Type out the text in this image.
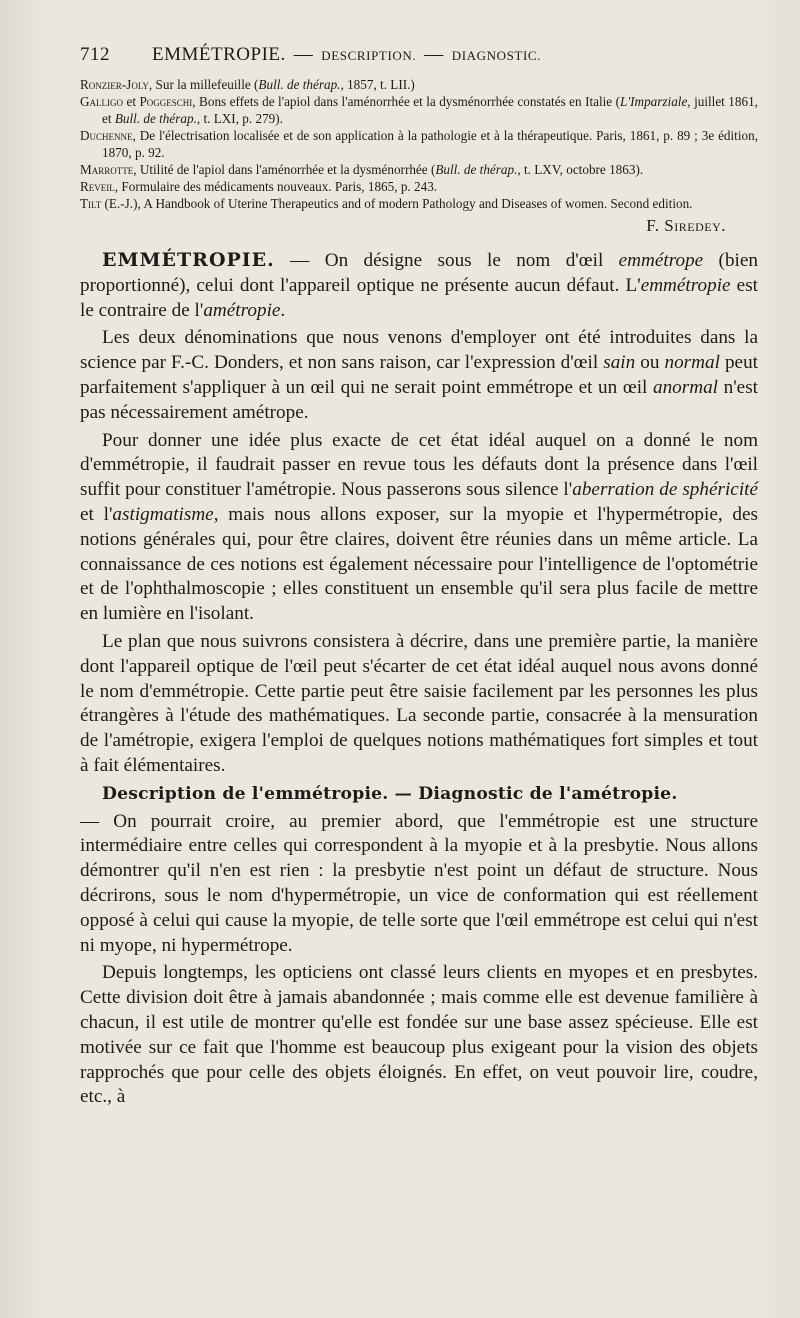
712 EMMÉTROPIE. — DESCRIPTION. — DIAGNOSTIC.

Ronzier-Joly, Sur la millefeuille (Bull. de thérap., 1857, t. LII.)

Galligo et Poggeschi, Bons effets de l'apiol dans l'aménorrhée et la dysménorrhée constatés en Italie (L'Imparziale, juillet 1861, et Bull. de thérap., t. LXI, p. 279).

Duchenne, De l'électrisation localisée et de son application à la pathologie et à la thérapeutique. Paris, 1861, p. 89 ; 3e édition, 1870, p. 92.

Marrotte, Utilité de l'apiol dans l'aménorrhée et la dysménorrhée (Bull. de thérap., t. LXV, octobre 1863).

Reveil, Formulaire des médicaments nouveaux. Paris, 1865, p. 243.

Tilt (E.-J.), A Handbook of Uterine Therapeutics and of modern Pathology and Diseases of women. Second edition.

F. Siredey.

EMMÉTROPIE. — On désigne sous le nom d'œil emmétrope (bien proportionné), celui dont l'appareil optique ne présente aucun défaut. L'emmétropie est le contraire de l'amétropie.

Les deux dénominations que nous venons d'employer ont été introduites dans la science par F.-C. Donders, et non sans raison, car l'expression d'œil sain ou normal peut parfaitement s'appliquer à un œil qui ne serait point emmétrope et un œil anormal n'est pas nécessairement amétrope.

Pour donner une idée plus exacte de cet état idéal auquel on a donné le nom d'emmétropie, il faudrait passer en revue tous les défauts dont la présence dans l'œil suffit pour constituer l'amétropie. Nous passerons sous silence l'aberration de sphéricité et l'astigmatisme, mais nous allons exposer, sur la myopie et l'hypermétropie, des notions générales qui, pour être claires, doivent être réunies dans un même article. La connaissance de ces notions est également nécessaire pour l'intelligence de l'optométrie et de l'ophthalmoscopie ; elles constituent un ensemble qu'il sera plus facile de mettre en lumière en l'isolant.

Le plan que nous suivrons consistera à décrire, dans une première partie, la manière dont l'appareil optique de l'œil peut s'écarter de cet état idéal auquel nous avons donné le nom d'emmétropie. Cette partie peut être saisie facilement par les personnes les plus étrangères à l'étude des mathématiques. La seconde partie, consacrée à la mensuration de l'amétropie, exigera l'emploi de quelques notions mathématiques fort simples et tout à fait élémentaires.

Description de l'emmétropie. — Diagnostic de l'amétropie.

— On pourrait croire, au premier abord, que l'emmétropie est une structure intermédiaire entre celles qui correspondent à la myopie et à la presbytie. Nous allons démontrer qu'il n'en est rien : la presbytie n'est point un défaut de structure. Nous décrirons, sous le nom d'hypermétropie, un vice de conformation qui est réellement opposé à celui qui cause la myopie, de telle sorte que l'œil emmétrope est celui qui n'est ni myope, ni hypermétrope.

Depuis longtemps, les opticiens ont classé leurs clients en myopes et en presbytes. Cette division doit être à jamais abandonnée ; mais comme elle est devenue familière à chacun, il est utile de montrer qu'elle est fondée sur une base assez spécieuse. Elle est motivée sur ce fait que l'homme est beaucoup plus exigeant pour la vision des objets rapprochés que pour celle des objets éloignés. En effet, on veut pouvoir lire, coudre, etc., à
